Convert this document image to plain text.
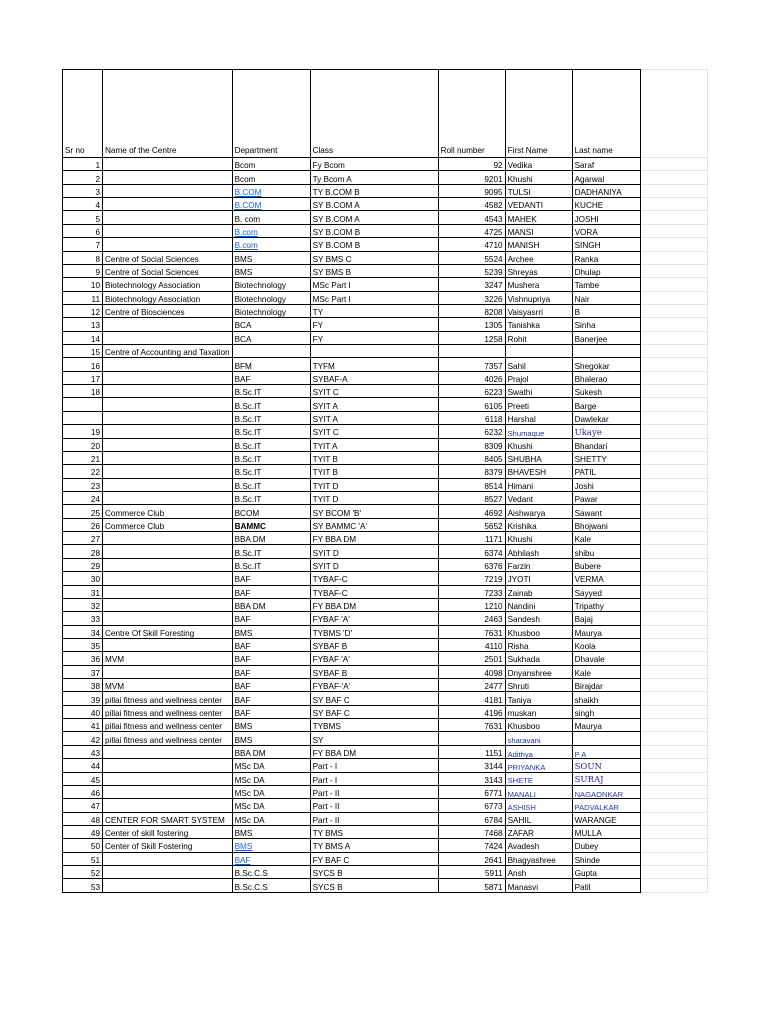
Sr no	Name of the Centre	Department	Class	Roll number	First Name	Last name	
1		Bcom	Fy Bcom	92	Vedika	Saraf	
2		Bcom	Ty Bcom A	9201	Khushi	Agarwal	
3		B.COM	TY B.COM B	9095	TULSI	DADHANIYA	
4		B.COM	SY B.COM A	4582	VEDANTI	KUCHE	
5		B. com	SY B.COM A	4543	MAHEK	JOSHI	
6		B.com	SY B.COM B	4725	MANSI	VORA	
7		B.com	SY B.COM B	4710	MANISH	SINGH	
8	Centre of Social Sciences	BMS	SY BMS C	5524	Archee	Ranka	
9	Centre of Social Sciences	BMS	SY BMS B	5239	Shreyas	Dhulap	
10	Biotechnology Association	Biotechnology	MSc Part I	3247	Mushera	Tambe	
11	Biotechnology Association	Biotechnology	MSc Part I	3226	Vishnupriya	Nair	
12	Centre of Biosciences	Biotechnology	TY	8208	Vaisyasrri	B	
13		BCA	FY	1305	Tanishka	Sinha	
14		BCA	FY	1258	Rohit	Banerjee	
15	Centre of Accounting and Taxation						
16		BFM	TYFM	7357	Sahil	Shegokar	
17		BAF	SYBAF-A	4026	Prajol	Bhalerao	
18		B.Sc.IT	SYIT C	6223	Swathi	Sukesh	
		B.Sc.IT	SYIT A	6105	Preeti	Barge	
		B.Sc.IT	SYIT A	6118	Harshal	Dawlekar	
19		B.Sc.IT	SYIT C	6232	Shumaque	Ukaye	
20		B.Sc.IT	TYIT A	8309	Khushi	Bhandari	
21		B.Sc.IT	TYIT B	8405	SHUBHA	SHETTY	
22		B.Sc.IT	TYIT B	8379	BHAVESH	PATIL	
23		B.Sc.IT	TYIT D	8514	Himani	Joshi	
24		B.Sc.IT	TYIT D	8527	Vedant	Pawar	
25	Commerce Club	BCOM	SY BCOM 'B'	4692	Aishwarya	Sawant	
26	Commerce Club	BAMMC	SY BAMMC 'A'	5652	Krishika	Bhojwani	
27		BBA DM	FY BBA DM	1171	Khushi	Kale	
28		B.Sc.IT	SYIT D	6374	Abhilash	shibu	
29		B.Sc.IT	SYIT D	6376	Farzin	Bubere	
30		BAF	TYBAF-C	7219	JYOTI	VERMA	
31		BAF	TYBAF-C	7233	Zainab	Sayyed	
32		BBA DM	FY BBA DM	1210	Nandini	Tripathy	
33		BAF	FYBAF 'A'	2463	Sandesh	Bajaj	
34	Centre Of Skill Foresting	BMS	TYBMS 'D'	7631	Khusboo	Maurya	
35		BAF	SYBAF B	4110	Risha	Koola	
36	MVM	BAF	FYBAF 'A'	2501	Sukhada	Dhavale	
37		BAF	SYBAF B	4098	Dnyanshree	Kale	
38	MVM	BAF	FYBAF-'A'	2477	Shruti	Birajdar	
39	pillai fitness and wellness center	BAF	SY BAF C	4181	Taniya	shaikh	
40	pillai fitness and wellness center	BAF	SY BAF C	4196	muskan	singh	
41	pillai fitness and wellness center	BMS	TYBMS	7631	Khusboo	Maurya	
42	pillai fitness and wellness center	BMS	SY		sharavani		
43		BBA DM	FY BBA DM	1151	Adithya	P A	
44		MSc DA	Part - I	3144	PRIYANKA	SOUN	
45		MSc DA	Part - I	3143	SHETE	SURAJ	
46		MSc DA	Part - II	6771	MANALI	NAGAONKAR	
47		MSc DA	Part - II	6773	ASHISH	PADVALKAR	
48	CENTER FOR SMART SYSTEM	MSc DA	Part - II	6784	SAHIL	WARANGE	
49	Center of skill fostering	BMS	TY BMS	7468	ZAFAR	MULLA	
50	Center of Skill Fostering	BMS	TY BMS A	7424	Avadesh	Dubey	
51		BAF	FY BAF C	2641	Bhagyashree	Shinde	
52		B.Sc.C.S	SYCS B	5911	Ansh	Gupta	
53		B.Sc.C.S	SYCS B	5871	Manasvi	Patil	
